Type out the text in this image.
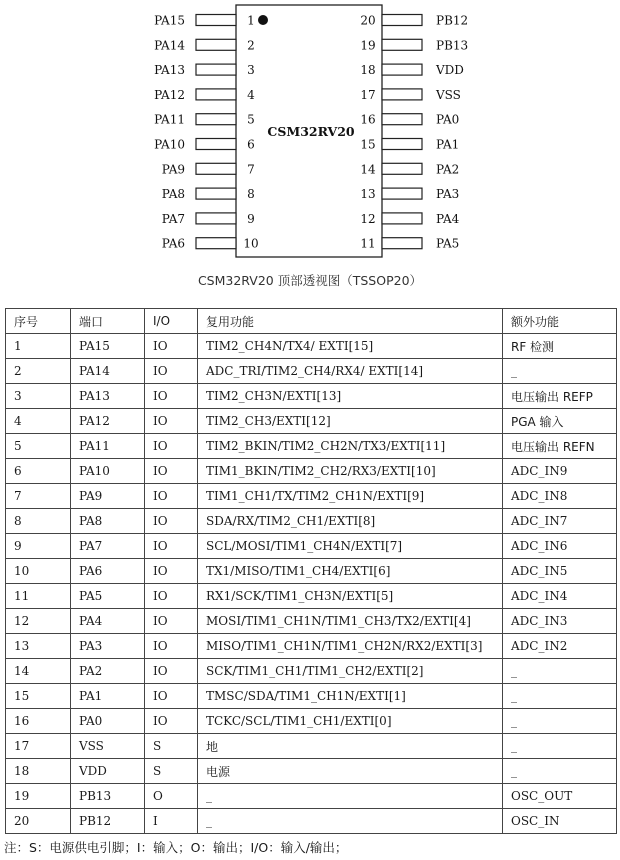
CSM32RV20
PA15	1
PA14	2
PA13	3
PA12	4
PA11	5
PA10	6
PA9	7
PA8	8
PA7	9
PA6	10
20	PB12
19	PB13
18	VDD
17	VSS
16	PA0
15	PA1
14	PA2
13	PA3
12	PA4
11	PA5
CSM32RV20 顶部透视图（TSSOP20）
序号	端口	I/O	复用功能	额外功能
1	PA15	IO	TIM2_CH4N/TX4/ EXTI[15]	RF 检测
2	PA14	IO	ADC_TRI/TIM2_CH4/RX4/ EXTI[14]	_
3	PA13	IO	TIM2_CH3N/EXTI[13]	电压输出 REFP
4	PA12	IO	TIM2_CH3/EXTI[12]	PGA 输入
5	PA11	IO	TIM2_BKIN/TIM2_CH2N/TX3/EXTI[11]	电压输出 REFN
6	PA10	IO	TIM1_BKIN/TIM2_CH2/RX3/EXTI[10]	ADC_IN9
7	PA9	IO	TIM1_CH1/TX/TIM2_CH1N/EXTI[9]	ADC_IN8
8	PA8	IO	SDA/RX/TIM2_CH1/EXTI[8]	ADC_IN7
9	PA7	IO	SCL/MOSI/TIM1_CH4N/EXTI[7]	ADC_IN6
10	PA6	IO	TX1/MISO/TIM1_CH4/EXTI[6]	ADC_IN5
11	PA5	IO	RX1/SCK/TIM1_CH3N/EXTI[5]	ADC_IN4
12	PA4	IO	MOSI/TIM1_CH1N/TIM1_CH3/TX2/EXTI[4]	ADC_IN3
13	PA3	IO	MISO/TIM1_CH1N/TIM1_CH2N/RX2/EXTI[3]	ADC_IN2
14	PA2	IO	SCK/TIM1_CH1/TIM1_CH2/EXTI[2]	_
15	PA1	IO	TMSC/SDA/TIM1_CH1N/EXTI[1]	_
16	PA0	IO	TCKC/SCL/TIM1_CH1/EXTI[0]	_
17	VSS	S	地	_
18	VDD	S	电源	_
19	PB13	O	_	OSC_OUT
20	PB12	I	_	OSC_IN
注：S：电源供电引脚；I：输入；O：输出；I/O：输入/输出；
